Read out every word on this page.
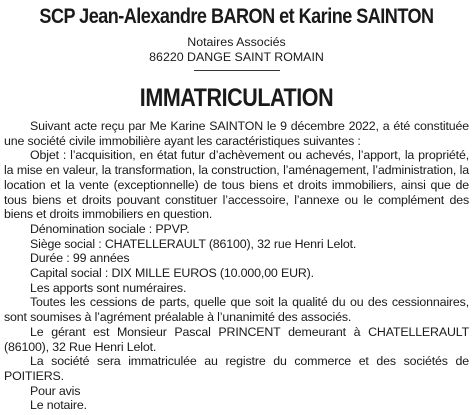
SCP Jean-Alexandre BARON et Karine SAINTON

Notaires Associés

86220 DANGE SAINT ROMAIN

IMMATRICULATION

Suivant acte reçu par Me Karine SAINTON le 9 décembre 2022, a été constituée une société civile immobilière ayant les caractéristiques suivantes :

Objet : l’acquisition, en état futur d’achèvement ou achevés, l’apport, la propriété, la mise en valeur, la transformation, la construction, l’aménagement, l’administration, la location et la vente (exceptionnelle) de tous biens et droits immobiliers, ainsi que de tous biens et droits pouvant constituer l’accessoire, l’annexe ou le complément des biens et droits immobiliers en question.

Dénomination sociale : PPVP.

Siège social : CHATELLERAULT (86100), 32 rue Henri Lelot.

Durée : 99 années

Capital social : DIX MILLE EUROS (10.000,00 EUR).

Les apports sont numéraires.

Toutes les cessions de parts, quelle que soit la qualité du ou des cessionnaires, sont soumises à l’agrément préalable à l’unanimité des associés.

Le gérant est Monsieur Pascal PRINCENT demeurant à CHATELLERAULT (86100), 32 Rue Henri Lelot.

La société sera immatriculée au registre du commerce et des sociétés de POITIERS.

Pour avis

Le notaire.
